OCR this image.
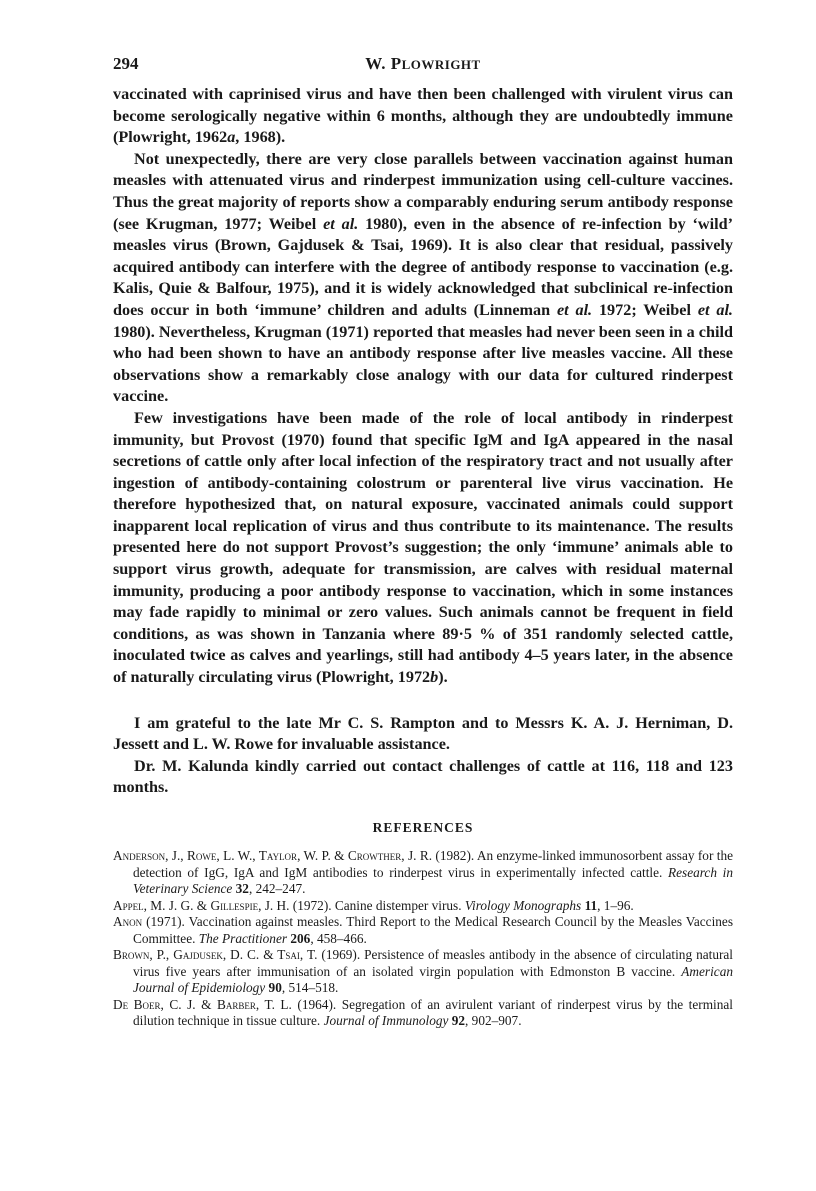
294	W. PLOWRIGHT

vaccinated with caprinised virus and have then been challenged with virulent virus can become serologically negative within 6 months, although they are undoubtedly immune (Plowright, 1962a, 1968).

Not unexpectedly, there are very close parallels between vaccination against human measles with attenuated virus and rinderpest immunization using cell-culture vaccines. Thus the great majority of reports show a comparably enduring serum antibody response (see Krugman, 1977; Weibel et al. 1980), even in the absence of re-infection by ‘wild’ measles virus (Brown, Gajdusek & Tsai, 1969). It is also clear that residual, passively acquired antibody can interfere with the degree of antibody response to vaccination (e.g. Kalis, Quie & Balfour, 1975), and it is widely acknowledged that subclinical re-infection does occur in both ‘immune’ children and adults (Linneman et al. 1972; Weibel et al. 1980). Nevertheless, Krugman (1971) reported that measles had never been seen in a child who had been shown to have an antibody response after live measles vaccine. All these observations show a remarkably close analogy with our data for cultured rinderpest vaccine.

Few investigations have been made of the role of local antibody in rinderpest immunity, but Provost (1970) found that specific IgM and IgA appeared in the nasal secretions of cattle only after local infection of the respiratory tract and not usually after ingestion of antibody-containing colostrum or parenteral live virus vaccination. He therefore hypothesized that, on natural exposure, vaccinated animals could support inapparent local replication of virus and thus contribute to its maintenance. The results presented here do not support Provost’s suggestion; the only ‘immune’ animals able to support virus growth, adequate for transmission, are calves with residual maternal immunity, producing a poor antibody response to vaccination, which in some instances may fade rapidly to minimal or zero values. Such animals cannot be frequent in field conditions, as was shown in Tanzania where 89·5 % of 351 randomly selected cattle, inoculated twice as calves and yearlings, still had antibody 4–5 years later, in the absence of naturally circulating virus (Plowright, 1972b).

I am grateful to the late Mr C. S. Rampton and to Messrs K. A. J. Herniman, D. Jessett and L. W. Rowe for invaluable assistance.

Dr. M. Kalunda kindly carried out contact challenges of cattle at 116, 118 and 123 months.

REFERENCES

Anderson, J., Rowe, L. W., Taylor, W. P. & Crowther, J. R. (1982). An enzyme-linked immunosorbent assay for the detection of IgG, IgA and IgM antibodies to rinderpest virus in experimentally infected cattle. Research in Veterinary Science 32, 242–247.

Appel, M. J. G. & Gillespie, J. H. (1972). Canine distemper virus. Virology Monographs 11, 1–96.

Anon (1971). Vaccination against measles. Third Report to the Medical Research Council by the Measles Vaccines Committee. The Practitioner 206, 458–466.

Brown, P., Gajdusek, D. C. & Tsai, T. (1969). Persistence of measles antibody in the absence of circulating natural virus five years after immunisation of an isolated virgin population with Edmonston B vaccine. American Journal of Epidemiology 90, 514–518.

De Boer, C. J. & Barber, T. L. (1964). Segregation of an avirulent variant of rinderpest virus by the terminal dilution technique in tissue culture. Journal of Immunology 92, 902–907.
